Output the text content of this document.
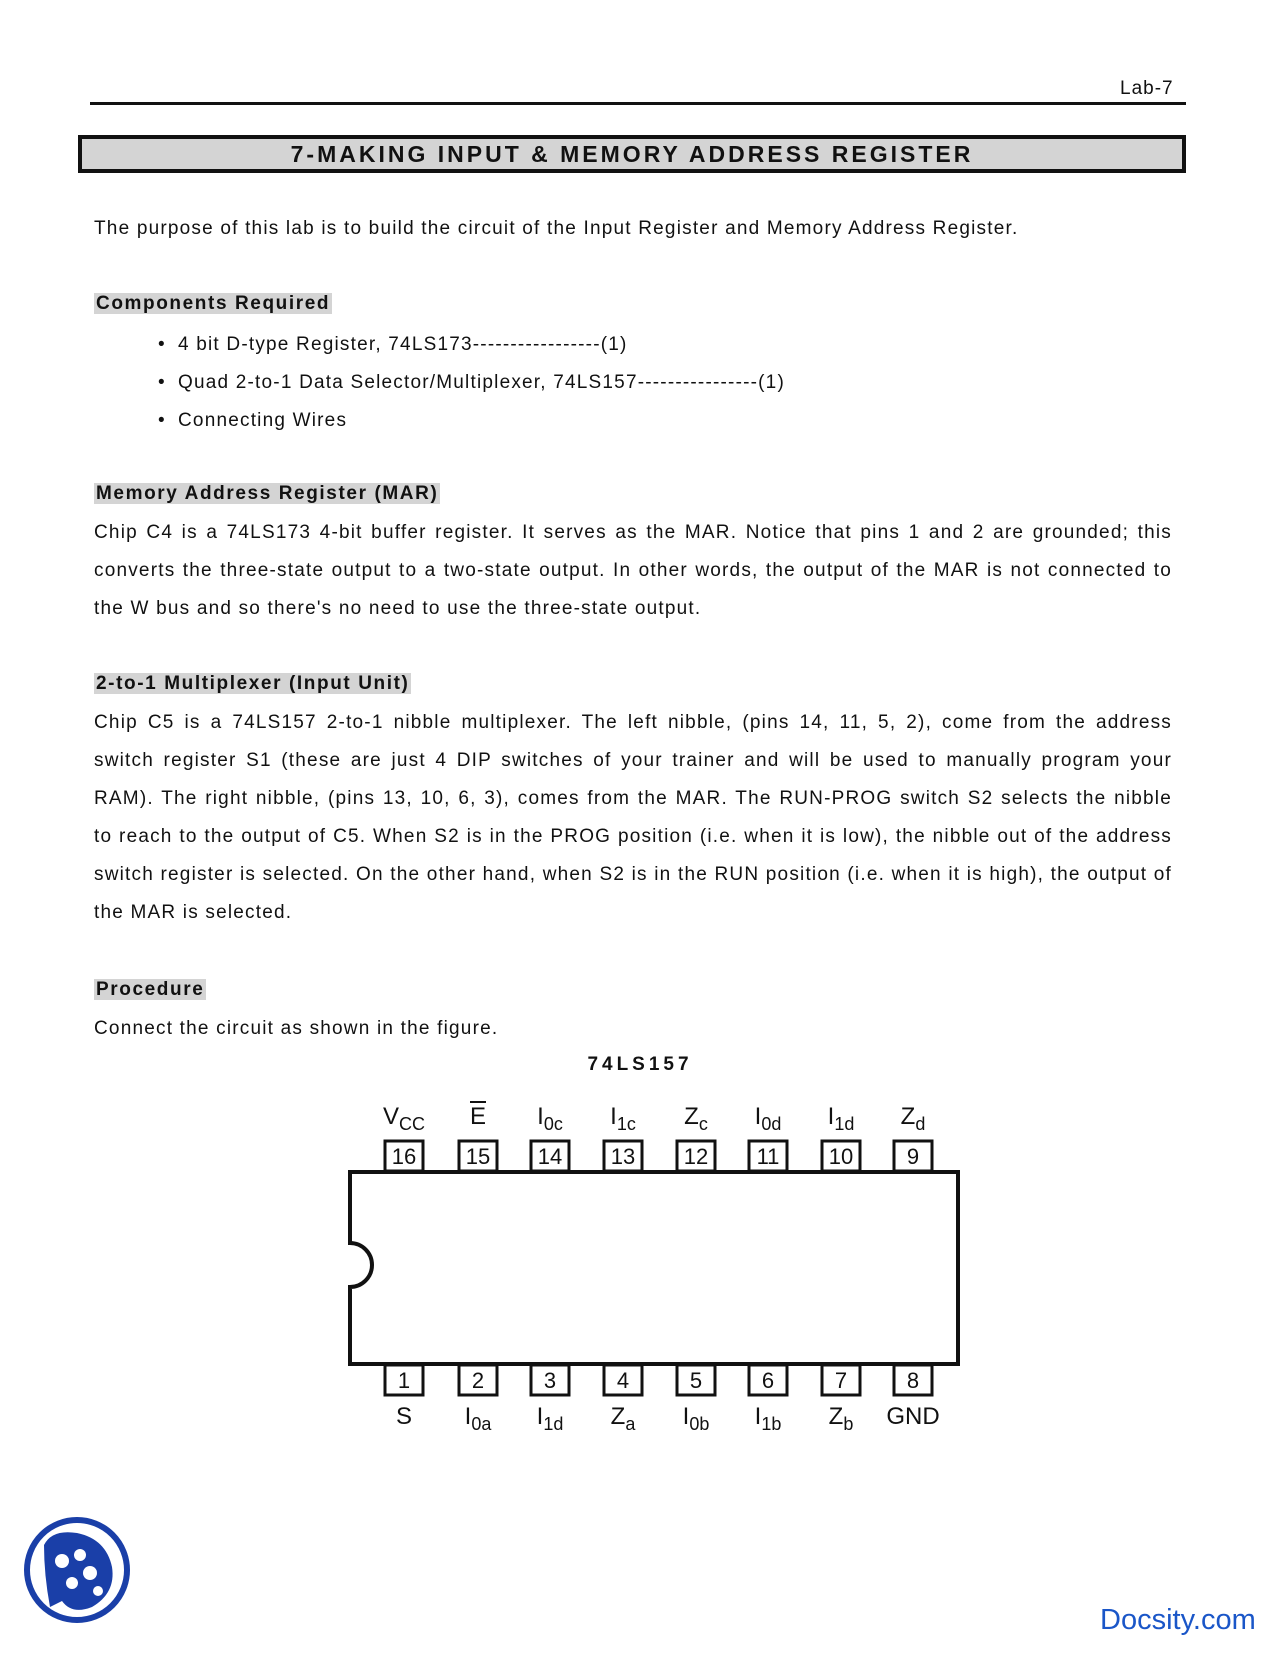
Lab-7
7-MAKING INPUT & MEMORY ADDRESS REGISTER
The purpose of this lab is to build the circuit of the Input Register and Memory Address Register.
Components Required
• 4 bit D-type Register, 74LS173-----------------(1)
• Quad 2-to-1 Data Selector/Multiplexer, 74LS157----------------(1)
• Connecting Wires
Memory Address Register (MAR)
Chip C4 is a 74LS173 4-bit buffer register. It serves as the MAR. Notice that pins 1 and 2 are grounded; this converts the three-state output to a two-state output. In other words, the output of the MAR is not connected to the W bus and so there's no need to use the three-state output.
2-to-1 Multiplexer (Input Unit)
Chip C5 is a 74LS157 2-to-1 nibble multiplexer. The left nibble, (pins 14, 11, 5, 2), come from the address switch register S1 (these are just 4 DIP switches of your trainer and will be used to manually program your RAM). The right nibble, (pins 13, 10, 6, 3), comes from the MAR. The RUN-PROG switch S2 selects the nibble to reach to the output of C5. When S2 is in the PROG position (i.e. when it is low), the nibble out of the address switch register is selected. On the other hand, when S2 is in the RUN position (i.e. when it is high), the output of the MAR is selected.
Procedure
Connect the circuit as shown in the figure.
74LS157
16
$V_{CC}$
15
E
14
$I_{0c}$
13
$I_{1c}$
12
$Z_c$
11
$I_{0d}$
10
$I_{1d}$
9
$Z_d$
1
S
2
$I_{0a}$
3
$I_{1d}$
4
$Z_a$
5
$I_{0b}$
6
$I_{1b}$
7
$Z_b$
8
GND
Docsity.com
